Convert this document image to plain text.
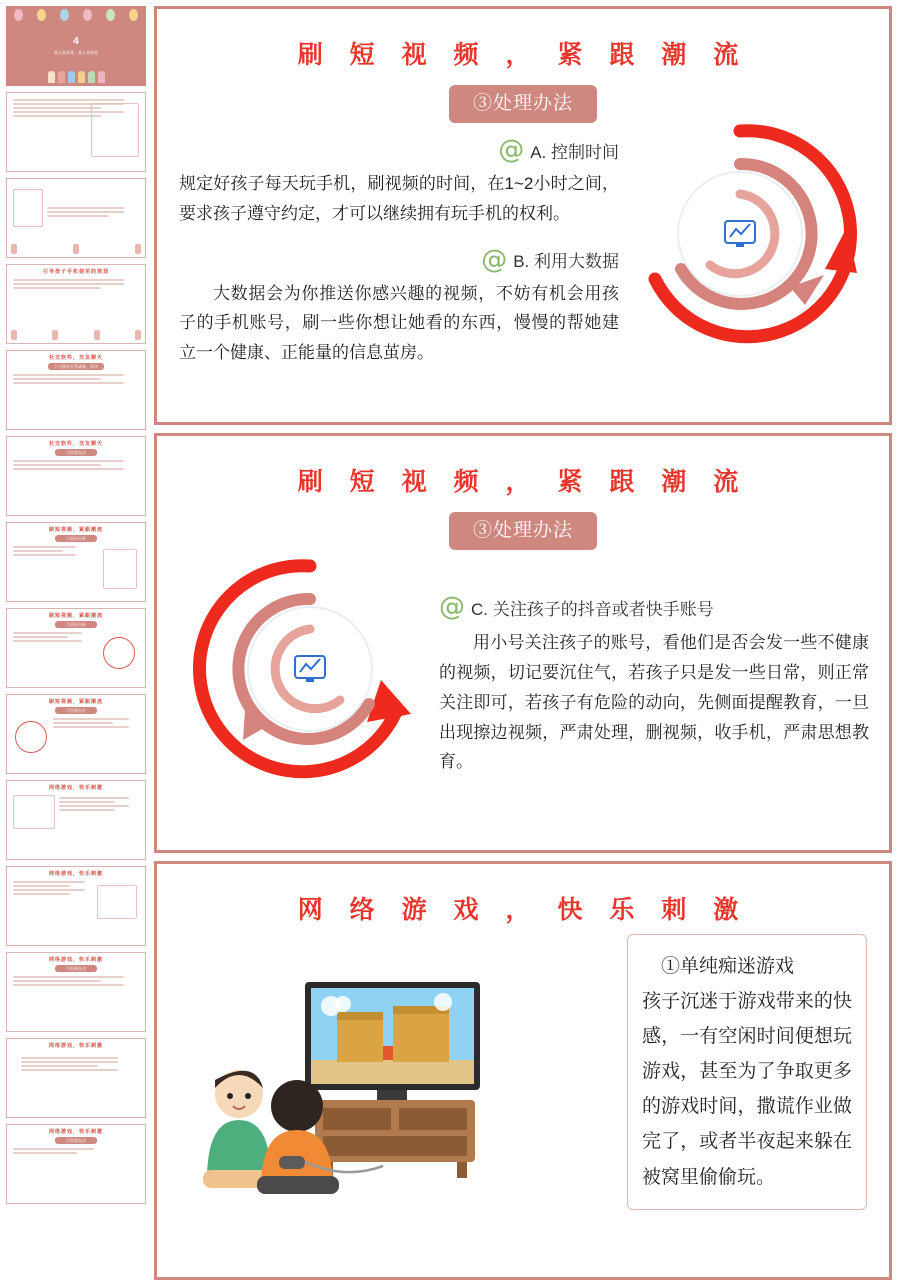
4
爱人如养花，育人亦如是
引导孩子手机使用的规划
社交软件，交友聊天
①与朋友关系疏离，同学
社交软件，交友聊天
②处理办法
刷短视频，紧跟潮流
①原因分析
刷短视频，紧跟潮流
②原因分析
刷短视频，紧跟潮流
③处理办法
网络游戏，快乐刺激
网络游戏，快乐刺激
网络游戏，快乐刺激
③处理办法
网络游戏，快乐刺激
网络游戏，快乐刺激
③处理办法
刷 短 视 频 ， 紧 跟 潮 流
③处理办法
@ A. 控制时间
规定好孩子每天玩手机，刷视频的时间，在1~2小时之间，要求孩子遵守约定，才可以继续拥有玩手机的权利。
@ B. 利用大数据
大数据会为你推送你感兴趣的视频，不妨有机会用孩子的手机账号，刷一些你想让她看的东西，慢慢的帮她建立一个健康、正能量的信息茧房。
刷 短 视 频 ， 紧 跟 潮 流
③处理办法
@ C. 关注孩子的抖音或者快手账号
用小号关注孩子的账号，看他们是否会发一些不健康的视频，切记要沉住气，若孩子只是发一些日常，则正常关注即可，若孩子有危险的动向，先侧面提醒教育，一旦出现擦边视频，严肃处理，删视频，收手机，严肃思想教育。
网 络 游 戏 ， 快 乐 刺 激
①单纯痴迷游戏
孩子沉迷于游戏带来的快感，一有空闲时间便想玩游戏，甚至为了争取更多的游戏时间，撒谎作业做完了，或者半夜起来躲在被窝里偷偷玩。
